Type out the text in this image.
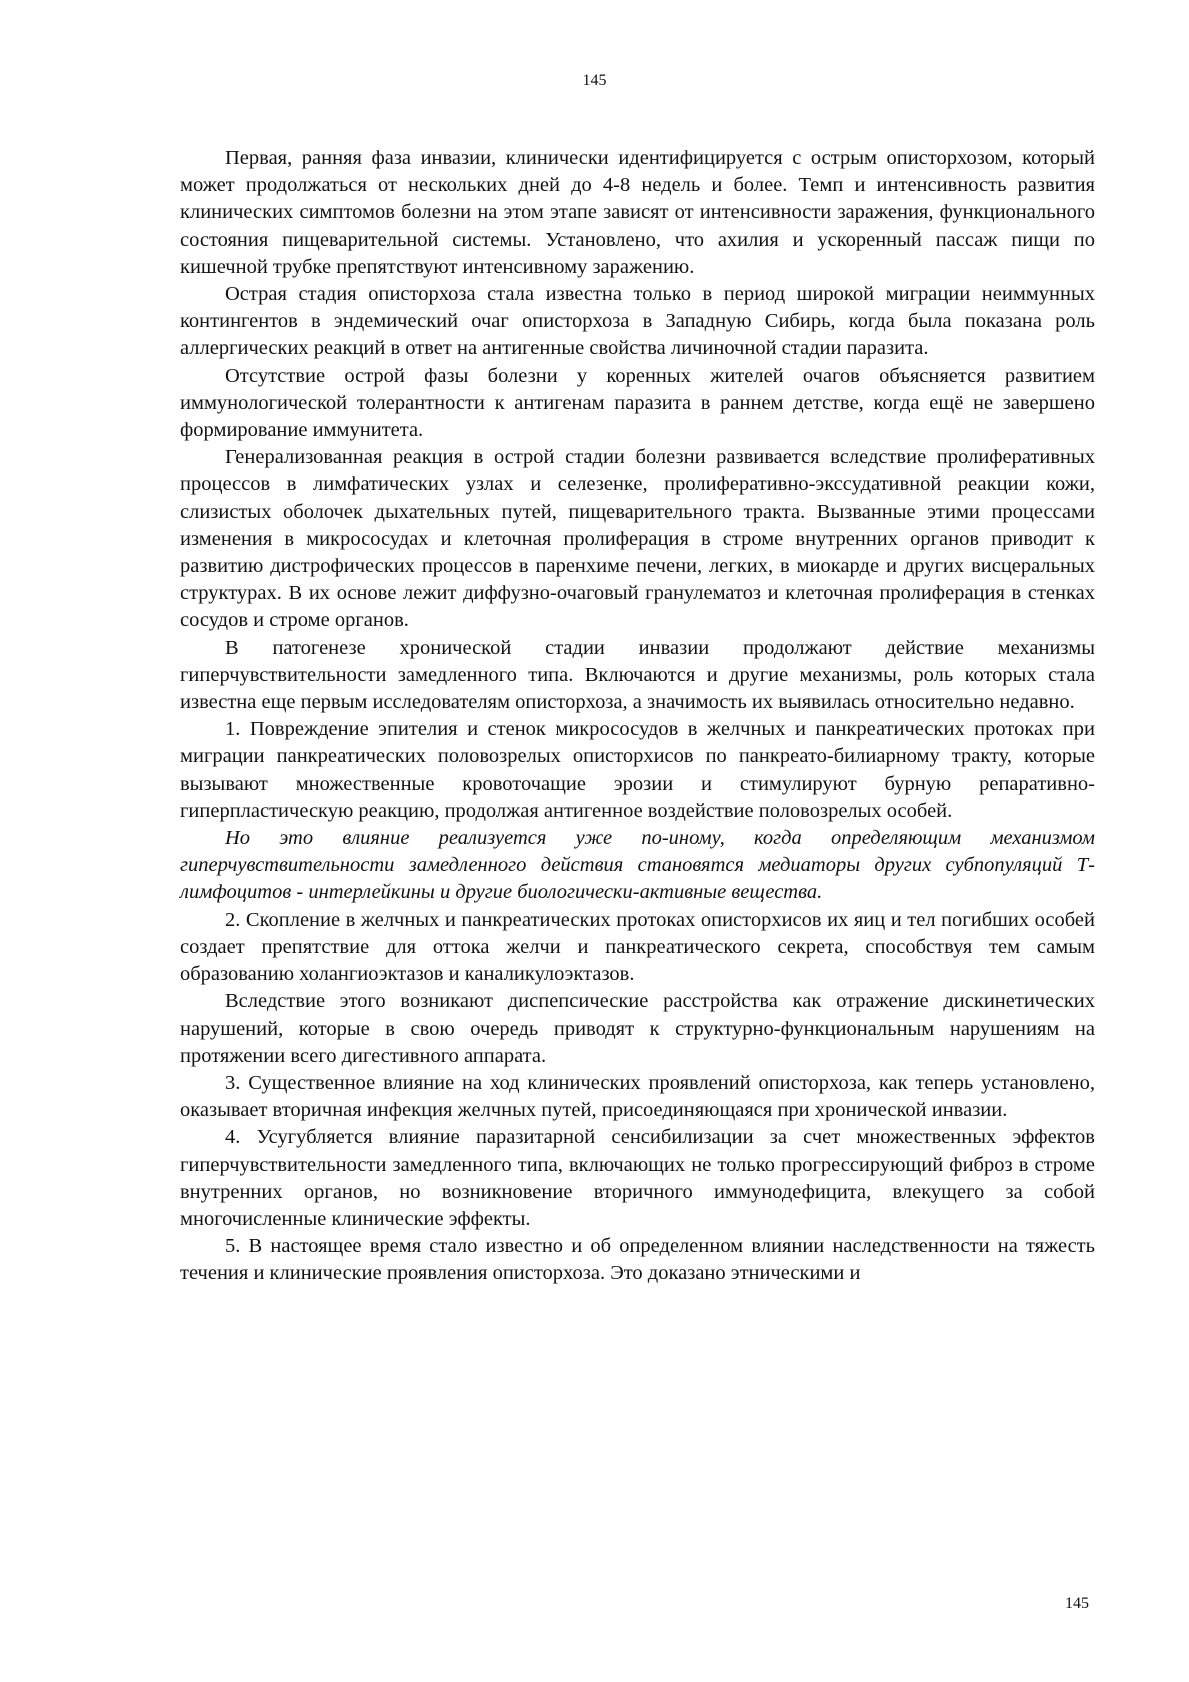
145

Первая, ранняя фаза инвазии, клинически идентифицируется с острым описторхозом, который может продолжаться от нескольких дней до 4-8 недель и более. Темп и интенсивность развития клинических симптомов болезни на этом этапе зависят от интенсивности заражения, функционального состояния пищеварительной системы. Установлено, что ахилия и ускоренный пассаж пищи по кишечной трубке препятствуют интенсивному заражению.

Острая стадия описторхоза стала известна только в период широкой миграции неиммунных контингентов в эндемический очаг описторхоза в Западную Сибирь, когда была показана роль аллергических реакций в ответ на антигенные свойства личиночной стадии паразита.

Отсутствие острой фазы болезни у коренных жителей очагов объясняется развитием иммунологической толерантности к антигенам паразита в раннем детстве, когда ещё не завершено формирование иммунитета.

Генерализованная реакция в острой стадии болезни развивается вследствие пролиферативных процессов в лимфатических узлах и селезенке, пролиферативно-экссудативной реакции кожи, слизистых оболочек дыхательных путей, пищеварительного тракта. Вызванные этими процессами изменения в микрососудах и клеточная пролиферация в строме внутренних органов приводит к развитию дистрофических процессов в паренхиме печени, легких, в миокарде и других висцеральных структурах. В их основе лежит диффузно-очаговый гранулематоз и клеточная пролиферация в стенках сосудов и строме органов.

В патогенезе хронической стадии инвазии продолжают действие механизмы гиперчувствительности замедленного типа. Включаются и другие механизмы, роль которых стала известна еще первым исследователям описторхоза, а значимость их выявилась относительно недавно.

1. Повреждение эпителия и стенок микрососудов в желчных и панкреатических протоках при миграции панкреатических половозрелых описторхисов по панкреато-билиарному тракту, которые вызывают множественные кровоточащие эрозии и стимулируют бурную репаративно-гиперпластическую реакцию, продолжая антигенное воздействие половозрелых особей.

Но это влияние реализуется уже по-иному, когда определяющим механизмом гиперчувствительности замедленного действия становятся медиаторы других субпопуляций Т-лимфоцитов - интерлейкины и другие биологически-активные вещества.

2. Скопление в желчных и панкреатических протоках описторхисов их яиц и тел погибших особей создает препятствие для оттока желчи и панкреатического секрета, способствуя тем самым образованию холангиоэктазов и каналикулоэктазов.

Вследствие этого возникают диспепсические расстройства как отражение дискинетических нарушений, которые в свою очередь приводят к структурно-функциональным нарушениям на протяжении всего дигестивного аппарата.

3. Существенное влияние на ход клинических проявлений описторхоза, как теперь установлено, оказывает вторичная инфекция желчных путей, присоединяющаяся при хронической инвазии.

4. Усугубляется влияние паразитарной сенсибилизации за счет множественных эффектов гиперчувствительности замедленного типа, включающих не только прогрессирующий фиброз в строме внутренних органов, но возникновение вторичного иммунодефицита, влекущего за собой многочисленные клинические эффекты.

5. В настоящее время стало известно и об определенном влиянии наследственности на тяжесть течения и клинические проявления описторхоза. Это доказано этническими и

145
